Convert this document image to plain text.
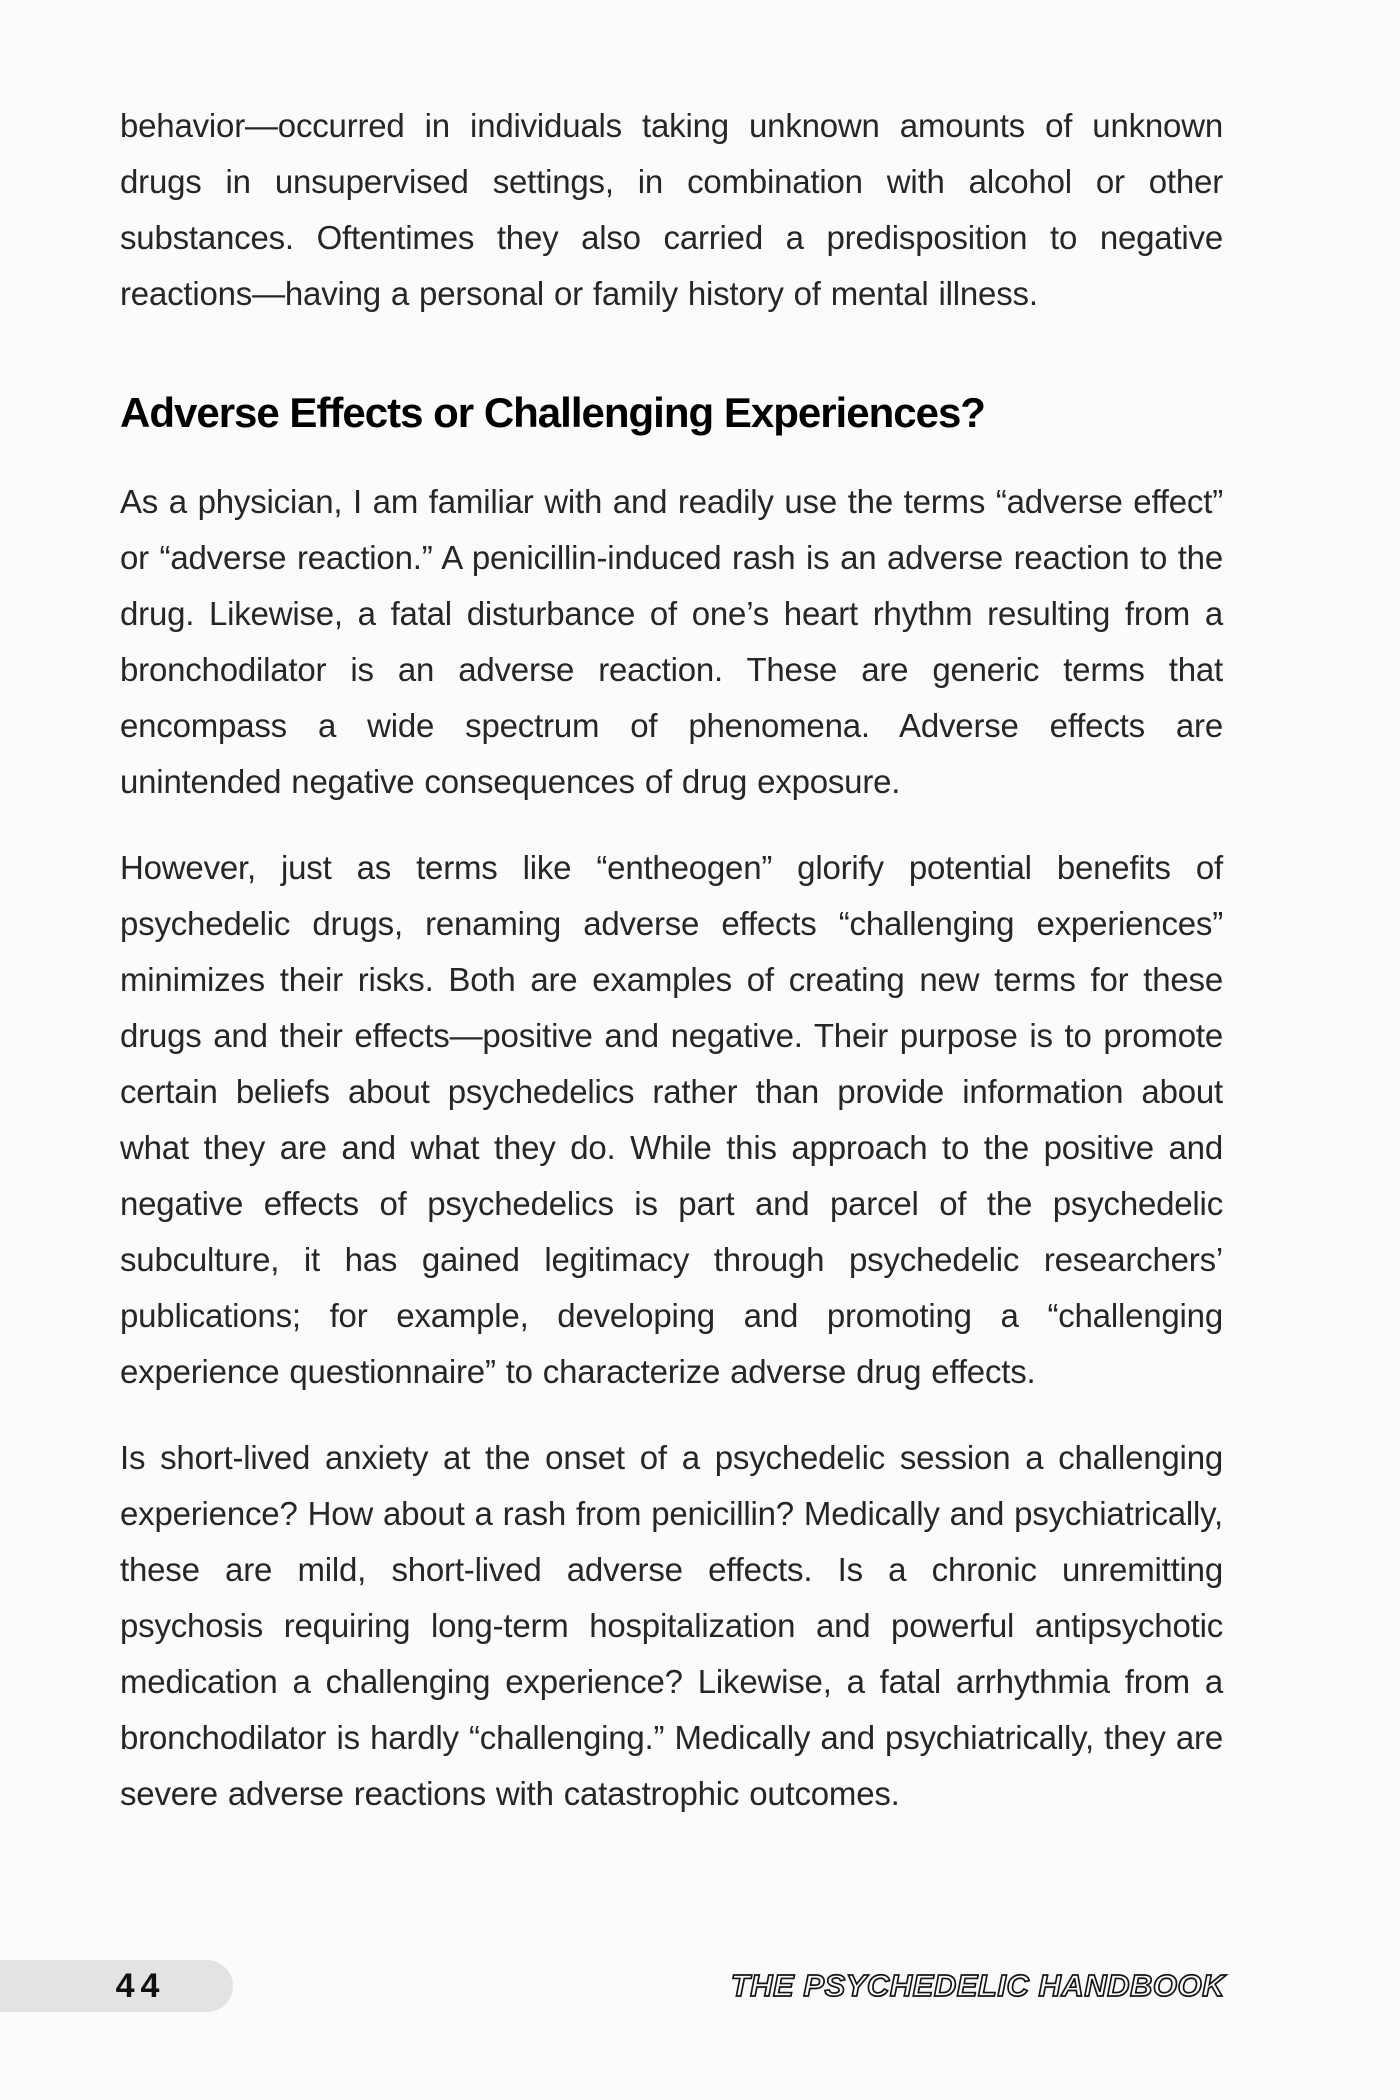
behavior—occurred in individuals taking unknown amounts of unknown drugs in unsupervised settings, in combination with alcohol or other substances. Oftentimes they also carried a predisposition to negative reactions—having a personal or family history of mental illness.

Adverse Effects or Challenging Experiences?

As a physician, I am familiar with and readily use the terms “adverse effect” or “adverse reaction.” A penicillin-induced rash is an adverse reaction to the drug. Likewise, a fatal disturbance of one’s heart rhythm resulting from a bronchodilator is an adverse reaction. These are generic terms that encompass a wide spectrum of phenomena. Adverse effects are unintended negative consequences of drug exposure.

However, just as terms like “entheogen” glorify potential benefits of psychedelic drugs, renaming adverse effects “challenging experiences” minimizes their risks. Both are examples of creating new terms for these drugs and their effects—positive and negative. Their purpose is to promote certain beliefs about psychedelics rather than provide information about what they are and what they do. While this approach to the positive and negative effects of psychedelics is part and parcel of the psychedelic subculture, it has gained legitimacy through psychedelic researchers’ publications; for example, developing and promoting a “challenging experience questionnaire” to characterize adverse drug effects.

Is short-lived anxiety at the onset of a psychedelic session a challenging experience? How about a rash from penicillin? Medically and psychiatrically, these are mild, short-lived adverse effects. Is a chronic unremitting psychosis requiring long-term hospitalization and powerful antipsychotic medication a challenging experience? Likewise, a fatal arrhythmia from a bronchodilator is hardly “challenging.” Medically and psychiatrically, they are severe adverse reactions with catastrophic outcomes.

44	THE PSYCHEDELIC HANDBOOK
